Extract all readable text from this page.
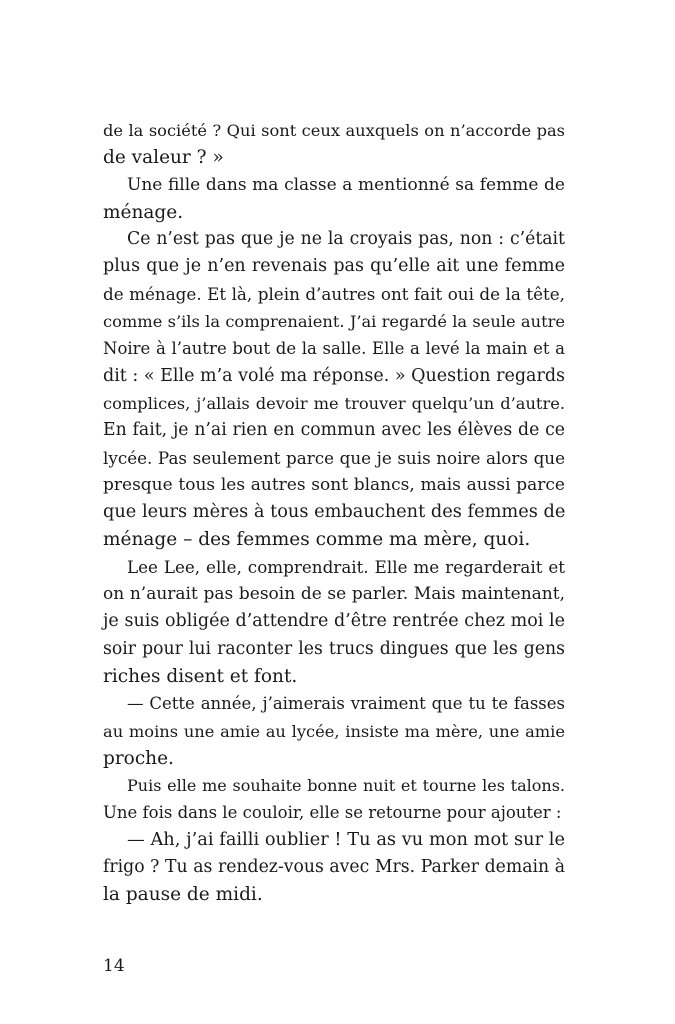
de la société ? Qui sont ceux auxquels on n’accorde pas
de valeur ? »
Une fille dans ma classe a mentionné sa femme de
ménage.
Ce n’est pas que je ne la croyais pas, non : c’était
plus que je n’en revenais pas qu’elle ait une femme
de ménage. Et là, plein d’autres ont fait oui de la tête,
comme s’ils la comprenaient. J’ai regardé la seule autre
Noire à l’autre bout de la salle. Elle a levé la main et a
dit : « Elle m’a volé ma réponse. » Question regards
complices, j’allais devoir me trouver quelqu’un d’autre.
En fait, je n’ai rien en commun avec les élèves de ce
lycée. Pas seulement parce que je suis noire alors que
presque tous les autres sont blancs, mais aussi parce
que leurs mères à tous embauchent des femmes de
ménage – des femmes comme ma mère, quoi.
Lee Lee, elle, comprendrait. Elle me regarderait et
on n’aurait pas besoin de se parler. Mais maintenant,
je suis obligée d’attendre d’être rentrée chez moi le
soir pour lui raconter les trucs dingues que les gens
riches disent et font.
— Cette année, j’aimerais vraiment que tu te fasses
au moins une amie au lycée, insiste ma mère, une amie
proche.
Puis elle me souhaite bonne nuit et tourne les talons.
Une fois dans le couloir, elle se retourne pour ajouter :
— Ah, j’ai failli oublier ! Tu as vu mon mot sur le
frigo ? Tu as rendez-vous avec Mrs. Parker demain à
la pause de midi.
14
